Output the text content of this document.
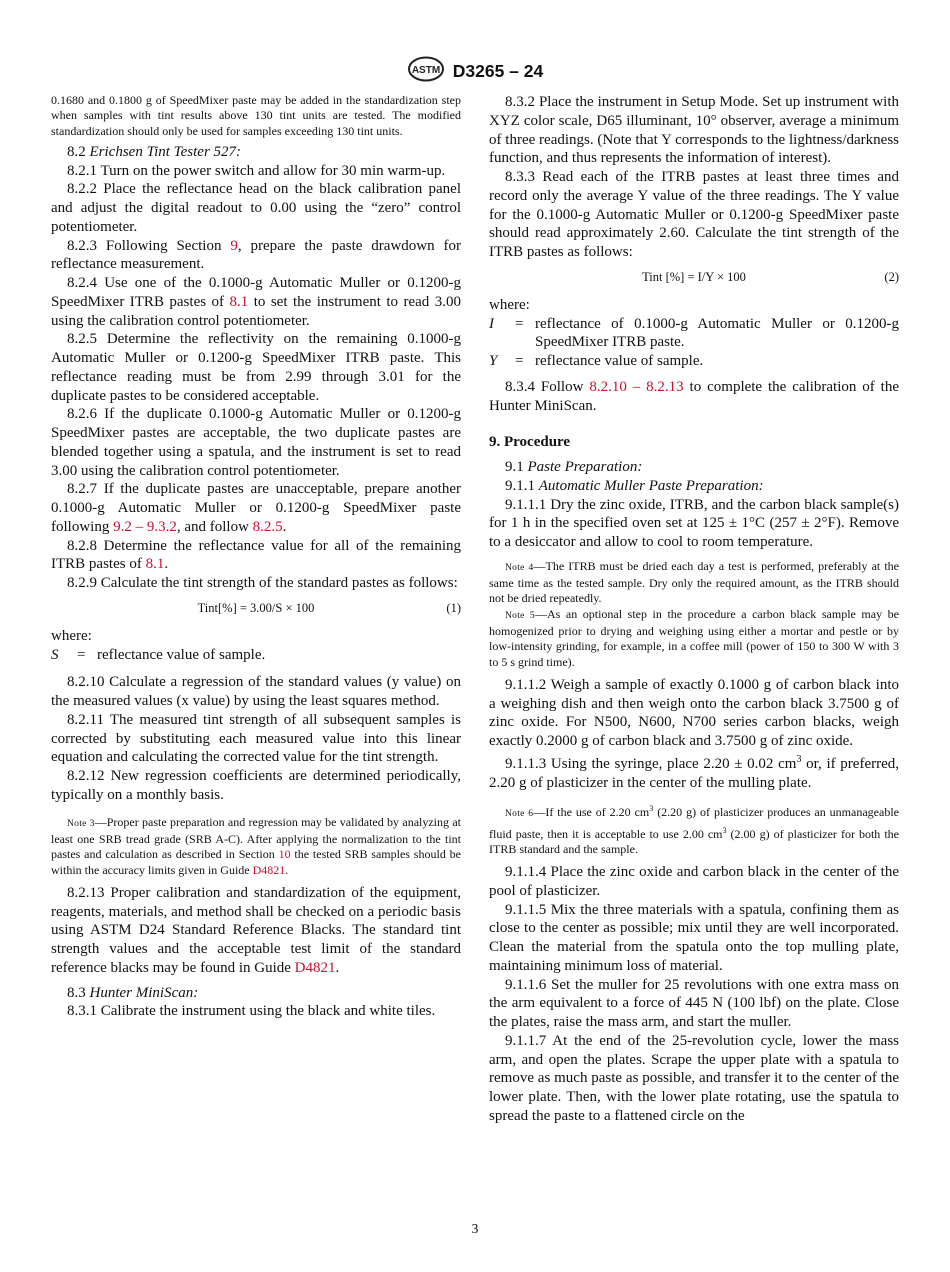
ASTM D3265 – 24

0.1680 and 0.1800 g of SpeedMixer paste may be added in the standardization step when samples with tint results above 130 tint units are tested. The modified standardization should only be used for samples exceeding 130 tint units.

8.2 Erichsen Tint Tester 527:

8.2.1 Turn on the power switch and allow for 30 min warm-up.

8.2.2 Place the reflectance head on the black calibration panel and adjust the digital readout to 0.00 using the “zero” control potentiometer.

8.2.3 Following Section 9, prepare the paste drawdown for reflectance measurement.

8.2.4 Use one of the 0.1000-g Automatic Muller or 0.1200-g SpeedMixer ITRB pastes of 8.1 to set the instrument to read 3.00 using the calibration control potentiometer.

8.2.5 Determine the reflectivity on the remaining 0.1000-g Automatic Muller or 0.1200-g SpeedMixer ITRB paste. This reflectance reading must be from 2.99 through 3.01 for the duplicate pastes to be considered acceptable.

8.2.6 If the duplicate 0.1000-g Automatic Muller or 0.1200-g SpeedMixer pastes are acceptable, the two duplicate pastes are blended together using a spatula, and the instrument is set to read 3.00 using the calibration control potentiometer.

8.2.7 If the duplicate pastes are unacceptable, prepare another 0.1000-g Automatic Muller or 0.1200-g SpeedMixer paste following 9.2 – 9.3.2, and follow 8.2.5.

8.2.8 Determine the reflectance value for all of the remaining ITRB pastes of 8.1.

8.2.9 Calculate the tint strength of the standard pastes as follows:

Tint[%] = 3.00/S × 100	(1)

where:

S	=	reflectance value of sample.

8.2.10 Calculate a regression of the standard values (y value) on the measured values (x value) by using the least squares method.

8.2.11 The measured tint strength of all subsequent samples is corrected by substituting each measured value into this linear equation and calculating the corrected value for the tint strength.

8.2.12 New regression coefficients are determined periodically, typically on a monthly basis.

Note 3—Proper paste preparation and regression may be validated by analyzing at least one SRB tread grade (SRB A-C). After applying the normalization to the tint pastes and calculation as described in Section 10 the tested SRB samples should be within the accuracy limits given in Guide D4821.

8.2.13 Proper calibration and standardization of the equipment, reagents, materials, and method shall be checked on a periodic basis using ASTM D24 Standard Reference Blacks. The standard tint strength values and the acceptable test limit of the standard reference blacks may be found in Guide D4821.

8.3 Hunter MiniScan:

8.3.1 Calibrate the instrument using the black and white tiles.

8.3.2 Place the instrument in Setup Mode. Set up instrument with XYZ color scale, D65 illuminant, 10° observer, average a minimum of three readings. (Note that Y corresponds to the lightness/darkness function, and thus represents the information of interest).

8.3.3 Read each of the ITRB pastes at least three times and record only the average Y value of the three readings. The Y value for the 0.1000-g Automatic Muller or 0.1200-g SpeedMixer paste should read approximately 2.60. Calculate the tint strength of the ITRB pastes as follows:

Tint [%] = I/Y × 100	(2)

where:

I	=	reflectance of 0.1000-g Automatic Muller or 0.1200-g SpeedMixer ITRB paste.
Y	=	reflectance value of sample.

8.3.4 Follow 8.2.10 – 8.2.13 to complete the calibration of the Hunter MiniScan.

9. Procedure

9.1 Paste Preparation:

9.1.1 Automatic Muller Paste Preparation:

9.1.1.1 Dry the zinc oxide, ITRB, and the carbon black sample(s) for 1 h in the specified oven set at 125 ± 1°C (257 ± 2°F). Remove to a desiccator and allow to cool to room temperature.

Note 4—The ITRB must be dried each day a test is performed, preferably at the same time as the tested sample. Dry only the required amount, as the ITRB should not be dried repeatedly.

Note 5—As an optional step in the procedure a carbon black sample may be homogenized prior to drying and weighing using either a mortar and pestle or by low-intensity grinding, for example, in a coffee mill (power of 150 to 300 W with 3 to 5 s grind time).

9.1.1.2 Weigh a sample of exactly 0.1000 g of carbon black into a weighing dish and then weigh onto the carbon black 3.7500 g of zinc oxide. For N500, N600, N700 series carbon blacks, weigh exactly 0.2000 g of carbon black and 3.7500 g of zinc oxide.

9.1.1.3 Using the syringe, place 2.20 ± 0.02 $cm^3$ or, if preferred, 2.20 g of plasticizer in the center of the mulling plate.

Note 6—If the use of 2.20 $cm^3$ (2.20 g) of plasticizer produces an unmanageable fluid paste, then it is acceptable to use 2.00 $cm^3$ (2.00 g) of plasticizer for both the ITRB standard and the sample.

9.1.1.4 Place the zinc oxide and carbon black in the center of the pool of plasticizer.

9.1.1.5 Mix the three materials with a spatula, confining them as close to the center as possible; mix until they are well incorporated. Clean the material from the spatula onto the top mulling plate, maintaining minimum loss of material.

9.1.1.6 Set the muller for 25 revolutions with one extra mass on the arm equivalent to a force of 445 N (100 lbf) on the plate. Close the plates, raise the mass arm, and start the muller.

9.1.1.7 At the end of the 25-revolution cycle, lower the mass arm, and open the plates. Scrape the upper plate with a spatula to remove as much paste as possible, and transfer it to the center of the lower plate. Then, with the lower plate rotating, use the spatula to spread the paste to a flattened circle on the

3
